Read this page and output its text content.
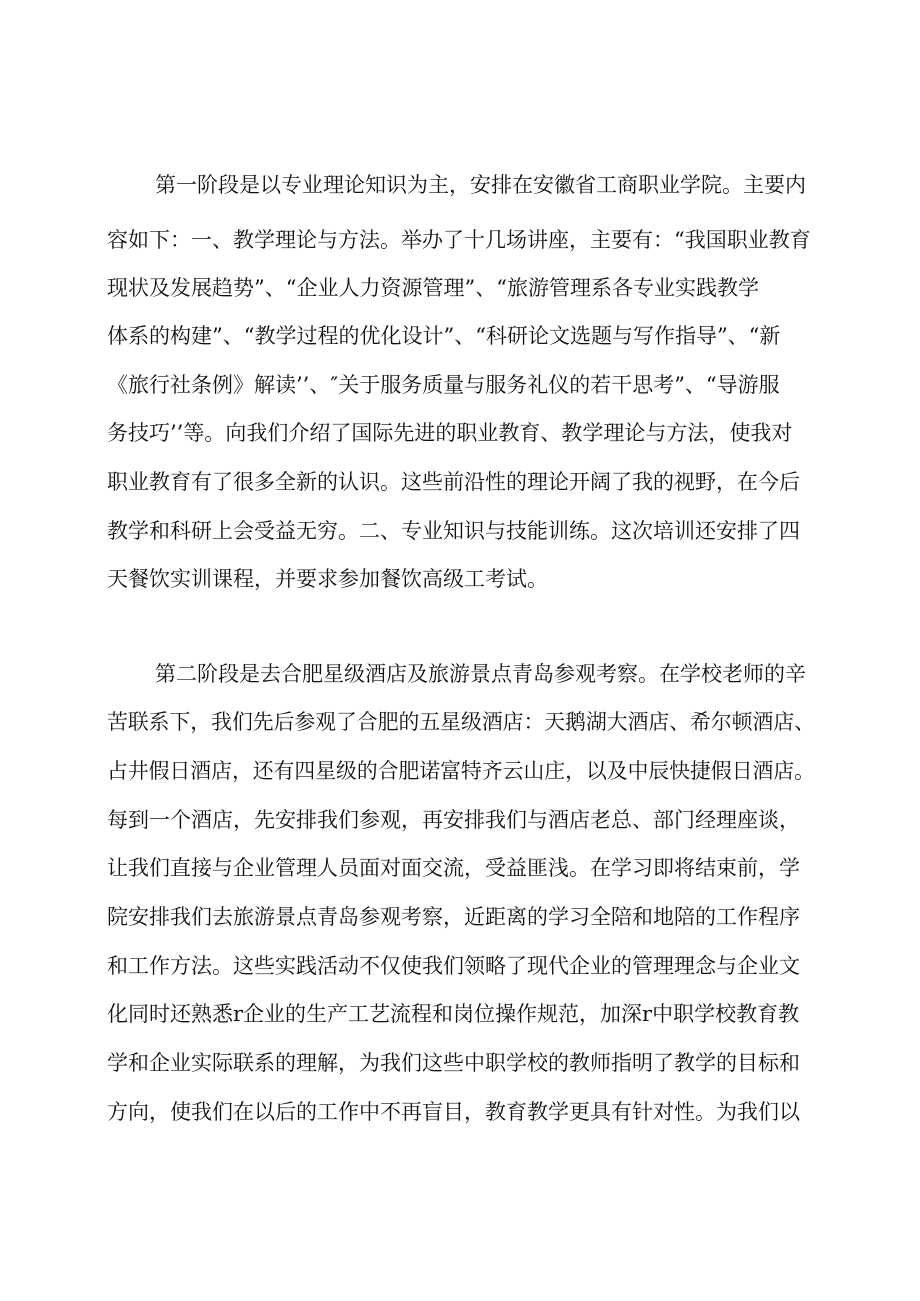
第一阶段是以专业理论知识为主，安排在安徽省工商职业学院。主要内
容如下：一、教学理论与方法。举办了十几场讲座，主要有：“我国职业教育
现状及发展趋势”、“企业人力资源管理”、“旅游管理系各专业实践教学
体系的构建”、“教学过程的优化设计”、“科研论文选题与写作指导”、“新
《旅行社条例》解读’’、″关于服务质量与服务礼仪的若干思考”、“导游服
务技巧’’等。向我们介绍了国际先进的职业教育、教学理论与方法，使我对
职业教育有了很多全新的认识。这些前沿性的理论开阔了我的视野，在今后
教学和科研上会受益无穷。二、专业知识与技能训练。这次培训还安排了四
天餐饮实训课程，并要求参加餐饮高级工考试。
第二阶段是去合肥星级酒店及旅游景点青岛参观考察。在学校老师的辛
苦联系下，我们先后参观了合肥的五星级酒店：天鹅湖大酒店、希尔顿酒店、
占井假日酒店，还有四星级的合肥诺富特齐云山庄，以及中辰快捷假日酒店。
每到一个酒店，先安排我们参观，再安排我们与酒店老总、部门经理座谈，
让我们直接与企业管理人员面对面交流，受益匪浅。在学习即将结束前，学
院安排我们去旅游景点青岛参观考察，近距离的学习全陪和地陪的工作程序
和工作方法。这些实践活动不仅使我们领略了现代企业的管理理念与企业文
化同时还熟悉r企业的生产工艺流程和岗位操作规范，加深r中职学校教育教
学和企业实际联系的理解，为我们这些中职学校的教师指明了教学的目标和
方向，使我们在以后的工作中不再盲目，教育教学更具有针对性。为我们以
